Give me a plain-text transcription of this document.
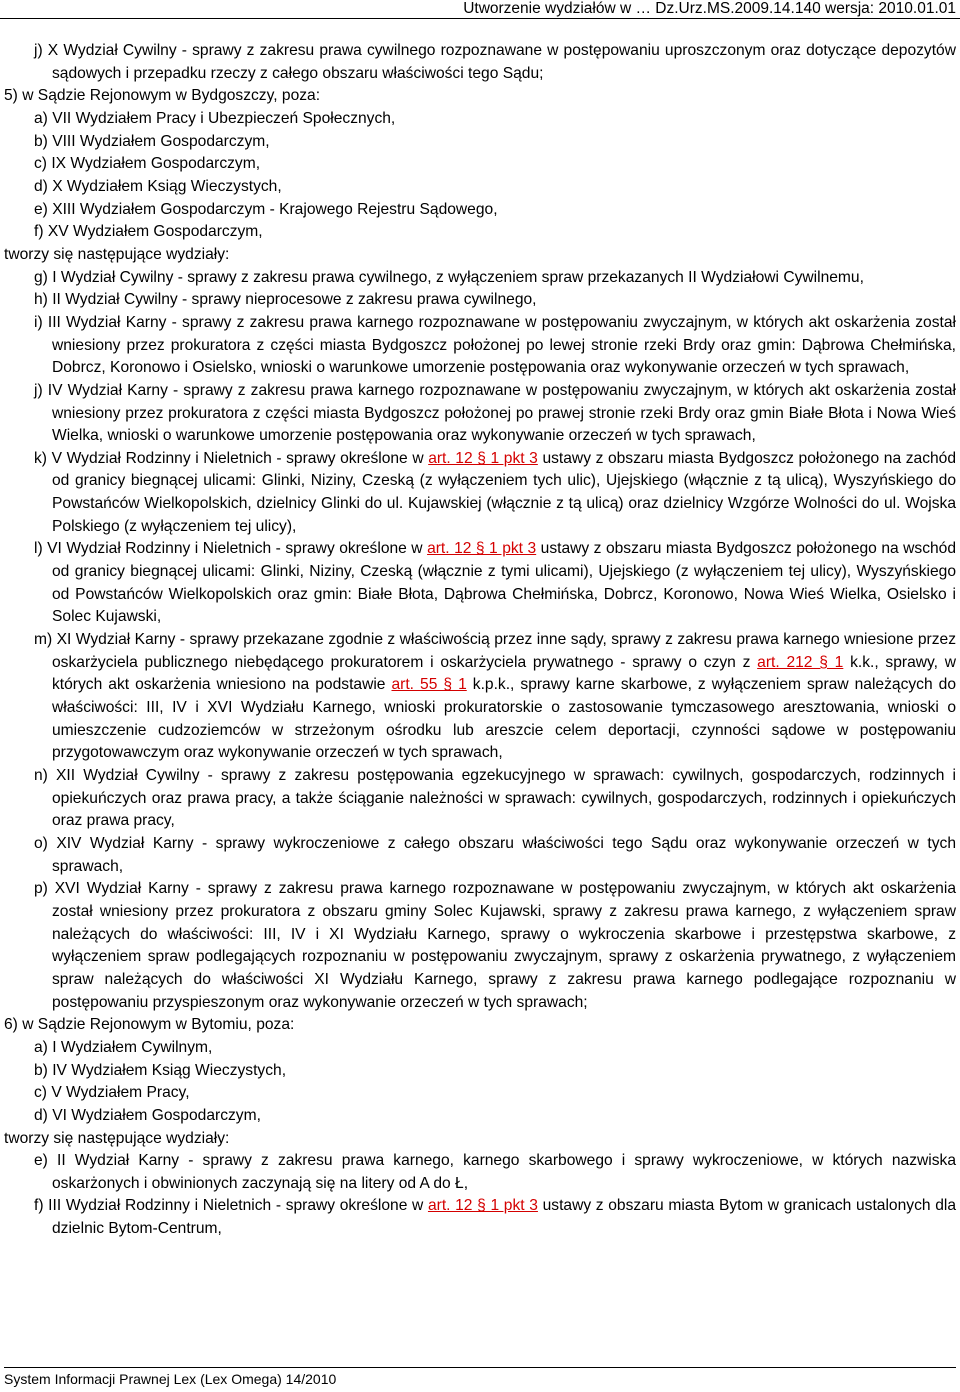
Utworzenie wydziałów w … Dz.Urz.MS.2009.14.140 wersja: 2010.01.01

j) X Wydział Cywilny - sprawy z zakresu prawa cywilnego rozpoznawane w postępowaniu uproszczonym oraz dotyczące depozytów sądowych i przepadku rzeczy z całego obszaru właściwości tego Sądu;

5) w Sądzie Rejonowym w Bydgoszczy, poza:

a) VII Wydziałem Pracy i Ubezpieczeń Społecznych,

b) VIII Wydziałem Gospodarczym,

c) IX Wydziałem Gospodarczym,

d) X Wydziałem Ksiąg Wieczystych,

e) XIII Wydziałem Gospodarczym - Krajowego Rejestru Sądowego,

f) XV Wydziałem Gospodarczym,

tworzy się następujące wydziały:

g) I Wydział Cywilny - sprawy z zakresu prawa cywilnego, z wyłączeniem spraw przekazanych II Wydziałowi Cywilnemu,

h) II Wydział Cywilny - sprawy nieprocesowe z zakresu prawa cywilnego,

i) III Wydział Karny - sprawy z zakresu prawa karnego rozpoznawane w postępowaniu zwyczajnym, w których akt oskarżenia został wniesiony przez prokuratora z części miasta Bydgoszcz położonej po lewej stronie rzeki Brdy oraz gmin: Dąbrowa Chełmińska, Dobrcz, Koronowo i Osielsko, wnioski o warunkowe umorzenie postępowania oraz wykonywanie orzeczeń w tych sprawach,

j) IV Wydział Karny - sprawy z zakresu prawa karnego rozpoznawane w postępowaniu zwyczajnym, w których akt oskarżenia został wniesiony przez prokuratora z części miasta Bydgoszcz położonej po prawej stronie rzeki Brdy oraz gmin Białe Błota i Nowa Wieś Wielka, wnioski o warunkowe umorzenie postępowania oraz wykonywanie orzeczeń w tych sprawach,

k) V Wydział Rodzinny i Nieletnich - sprawy określone w art. 12 § 1 pkt 3 ustawy z obszaru miasta Bydgoszcz położonego na zachód od granicy biegnącej ulicami: Glinki, Niziny, Czeską (z wyłączeniem tych ulic), Ujejskiego (włącznie z tą ulicą), Wyszyńskiego do Powstańców Wielkopolskich, dzielnicy Glinki do ul. Kujawskiej (włącznie z tą ulicą) oraz dzielnicy Wzgórze Wolności do ul. Wojska Polskiego (z wyłączeniem tej ulicy),

l) VI Wydział Rodzinny i Nieletnich - sprawy określone w art. 12 § 1 pkt 3 ustawy z obszaru miasta Bydgoszcz położonego na wschód od granicy biegnącej ulicami: Glinki, Niziny, Czeską (włącznie z tymi ulicami), Ujejskiego (z wyłączeniem tej ulicy), Wyszyńskiego od Powstańców Wielkopolskich oraz gmin: Białe Błota, Dąbrowa Chełmińska, Dobrcz, Koronowo, Nowa Wieś Wielka, Osielsko i Solec Kujawski,

m) XI Wydział Karny - sprawy przekazane zgodnie z właściwością przez inne sądy, sprawy z zakresu prawa karnego wniesione przez oskarżyciela publicznego niebędącego prokuratorem i oskarżyciela prywatnego - sprawy o czyn z art. 212 § 1 k.k., sprawy, w których akt oskarżenia wniesiono na podstawie art. 55 § 1 k.p.k., sprawy karne skarbowe, z wyłączeniem spraw należących do właściwości: III, IV i XVI Wydziału Karnego, wnioski prokuratorskie o zastosowanie tymczasowego aresztowania, wnioski o umieszczenie cudzoziemców w strzeżonym ośrodku lub areszcie celem deportacji, czynności sądowe w postępowaniu przygotowawczym oraz wykonywanie orzeczeń w tych sprawach,

n) XII Wydział Cywilny - sprawy z zakresu postępowania egzekucyjnego w sprawach: cywilnych, gospodarczych, rodzinnych i opiekuńczych oraz prawa pracy, a także ściąganie należności w sprawach: cywilnych, gospodarczych, rodzinnych i opiekuńczych oraz prawa pracy,

o) XIV Wydział Karny - sprawy wykroczeniowe z całego obszaru właściwości tego Sądu oraz wykonywanie orzeczeń w tych sprawach,

p) XVI Wydział Karny - sprawy z zakresu prawa karnego rozpoznawane w postępowaniu zwyczajnym, w których akt oskarżenia został wniesiony przez prokuratora z obszaru gminy Solec Kujawski, sprawy z zakresu prawa karnego, z wyłączeniem spraw należących do właściwości: III, IV i XI Wydziału Karnego, sprawy o wykroczenia skarbowe i przestępstwa skarbowe, z wyłączeniem spraw podlegających rozpoznaniu w postępowaniu zwyczajnym, sprawy z oskarżenia prywatnego, z wyłączeniem spraw należących do właściwości XI Wydziału Karnego, sprawy z zakresu prawa karnego podlegające rozpoznaniu w postępowaniu przyspieszonym oraz wykonywanie orzeczeń w tych sprawach;

6) w Sądzie Rejonowym w Bytomiu, poza:

a) I Wydziałem Cywilnym,

b) IV Wydziałem Ksiąg Wieczystych,

c) V Wydziałem Pracy,

d) VI Wydziałem Gospodarczym,

tworzy się następujące wydziały:

e) II Wydział Karny - sprawy z zakresu prawa karnego, karnego skarbowego i sprawy wykroczeniowe, w których nazwiska oskarżonych i obwinionych zaczynają się na litery od A do Ł,

f) III Wydział Rodzinny i Nieletnich - sprawy określone w art. 12 § 1 pkt 3 ustawy z obszaru miasta Bytom w granicach ustalonych dla dzielnic Bytom-Centrum,

System Informacji Prawnej Lex (Lex Omega) 14/2010
